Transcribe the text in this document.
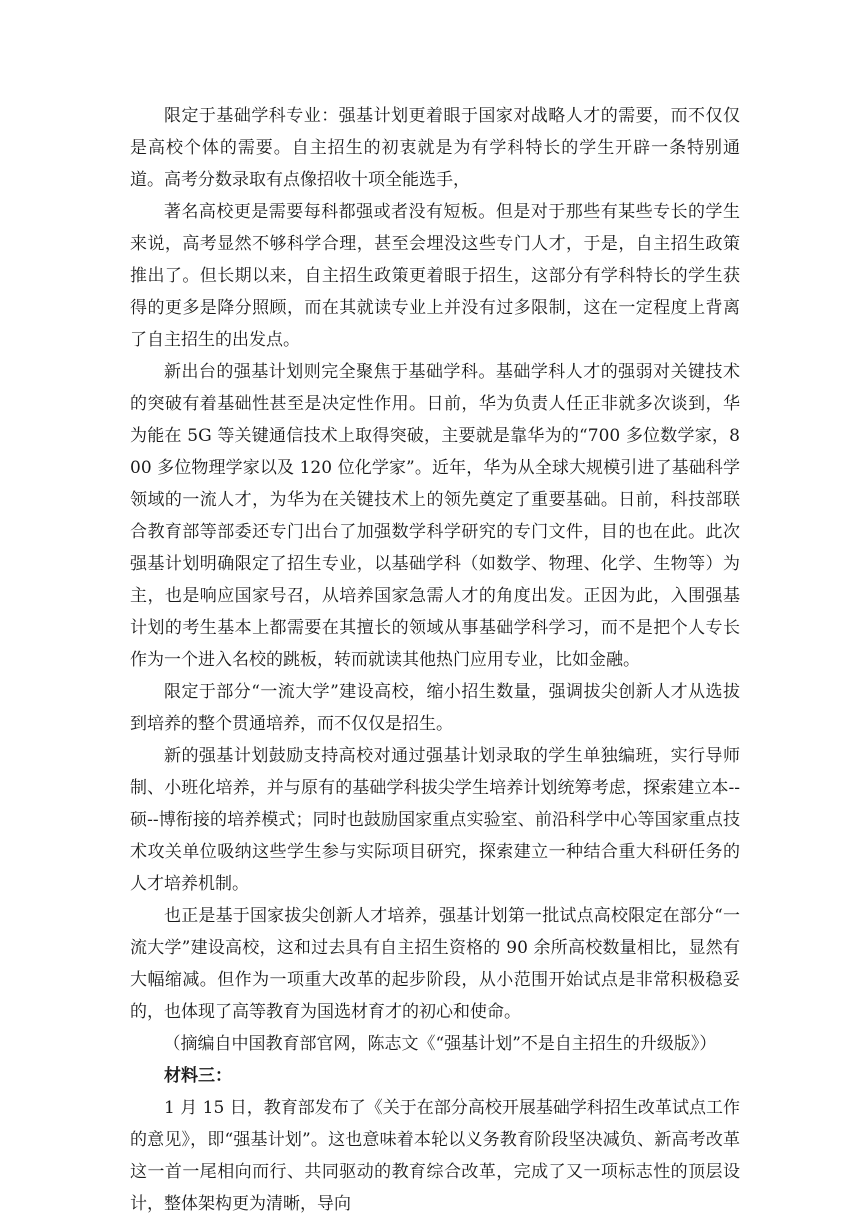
限定于基础学科专业：强基计划更着眼于国家对战略人才的需要，而不仅仅是高校个体的需要。自主招生的初衷就是为有学科特长的学生开辟一条特别通道。高考分数录取有点像招收十项全能选手，

著名高校更是需要每科都强或者没有短板。但是对于那些有某些专长的学生来说，高考显然不够科学合理，甚至会埋没这些专门人才，于是，自主招生政策推出了。但长期以来，自主招生政策更着眼于招生，这部分有学科特长的学生获得的更多是降分照顾，而在其就读专业上并没有过多限制，这在一定程度上背离了自主招生的出发点。

新出台的强基计划则完全聚焦于基础学科。基础学科人才的强弱对关键技术的突破有着基础性甚至是决定性作用。日前，华为负责人任正非就多次谈到，华为能在 5G 等关键通信技术上取得突破，主要就是靠华为的“700 多位数学家，800 多位物理学家以及 120 位化学家”。近年，华为从全球大规模引进了基础科学领域的一流人才，为华为在关键技术上的领先奠定了重要基础。日前，科技部联合教育部等部委还专门出台了加强数学科学研究的专门文件，目的也在此。此次强基计划明确限定了招生专业，以基础学科（如数学、物理、化学、生物等）为主，也是响应国家号召，从培养国家急需人才的角度出发。正因为此，入围强基计划的考生基本上都需要在其擅长的领域从事基础学科学习，而不是把个人专长作为一个进入名校的跳板，转而就读其他热门应用专业，比如金融。

限定于部分“一流大学”建设高校，缩小招生数量，强调拔尖创新人才从选拔到培养的整个贯通培养，而不仅仅是招生。

新的强基计划鼓励支持高校对通过强基计划录取的学生单独编班，实行导师制、小班化培养，并与原有的基础学科拔尖学生培养计划统筹考虑，探索建立本--硕--博衔接的培养模式；同时也鼓励国家重点实验室、前沿科学中心等国家重点技术攻关单位吸纳这些学生参与实际项目研究，探索建立一种结合重大科研任务的人才培养机制。

也正是基于国家拔尖创新人才培养，强基计划第一批试点高校限定在部分“一流大学”建设高校，这和过去具有自主招生资格的 90 余所高校数量相比，显然有大幅缩减。但作为一项重大改革的起步阶段，从小范围开始试点是非常积极稳妥的，也体现了高等教育为国选材育才的初心和使命。

（摘编自中国教育部官网，陈志文《“强基计划”不是自主招生的升级版》）

材料三：

1 月 15 日，教育部发布了《关于在部分高校开展基础学科招生改革试点工作的意见》，即“强基计划”。这也意味着本轮以义务教育阶段坚决减负、新高考改革这一首一尾相向而行、共同驱动的教育综合改革，完成了又一项标志性的顶层设计，整体架构更为清晰，导向
